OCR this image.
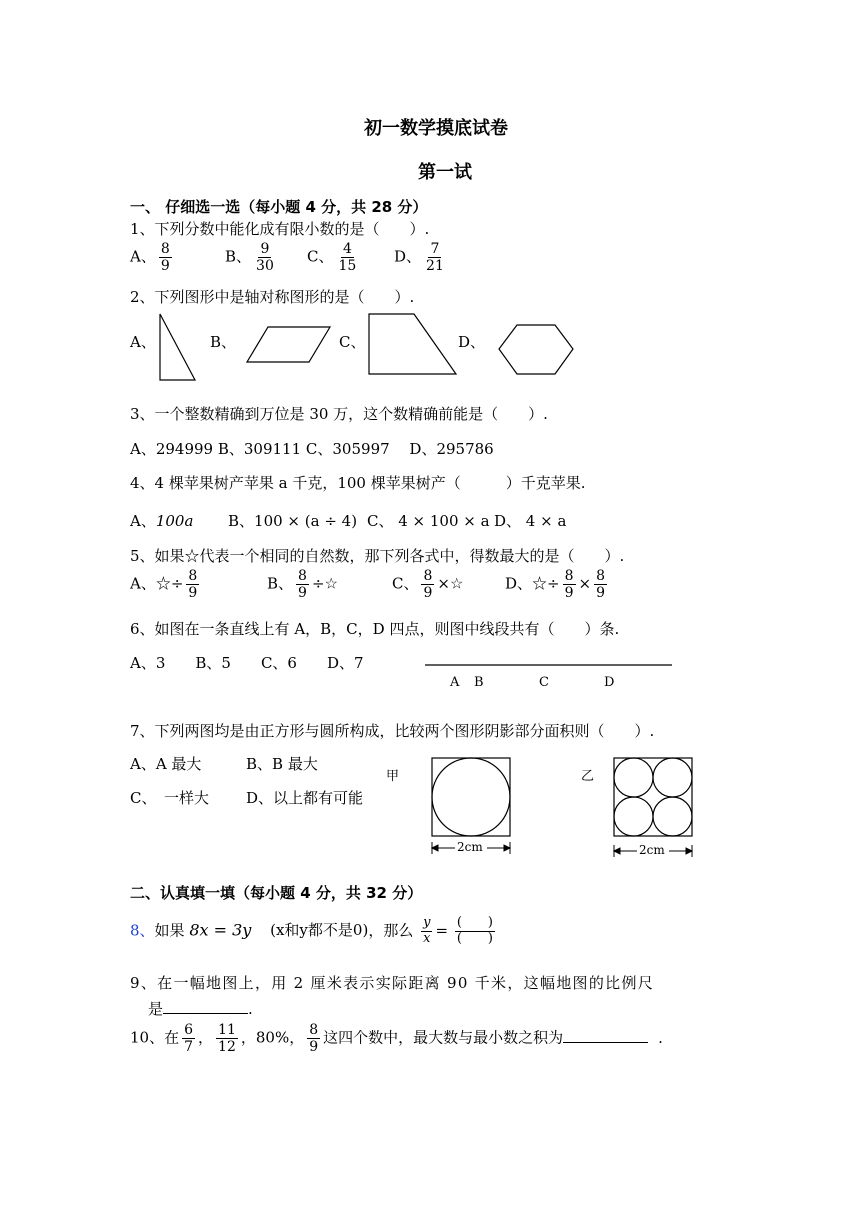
初一数学摸底试卷
第一试
一、 仔细选一选（每小题 4 分，共 28 分）
1、下列分数中能化成有限小数的是（　　）.
A、 $\frac{8}{9}$	B、 $\frac{9}{30}$ C、 $\frac{4}{15}$ D、 $\frac{7}{21}$
2、下列图形中是轴对称图形的是（　　）.
A、	B、	C、	D、
3、一个整数精确到万位是 30 万，这个数精确前能是（　　）.
A、294999 B、309111 C、305997　 D、295786
4、4 棵苹果树产苹果 a 千克，100 棵苹果树产（　　　）千克苹果.
A、100a B、100 × (a ÷ 4) C、 4 × 100 × a D、 4 × a
5、如果☆代表一个相同的自然数，那下列各式中，得数最大的是（　　）.
A、☆÷ $\frac{8}{9}$	B、 $\frac{8}{9}$ ÷☆	C、 $\frac{8}{9}$ ×☆	D、☆÷ $\frac{8}{9} \times \frac{8}{9}$
6、如图在一条直线上有 A，B，C，D 四点，则图中线段共有（　　）条.
A、3　　B、5　　C、6　　D、7
A B	C	D
7、下列两图均是由正方形与圆所构成，比较两个图形阴影部分面积则（　　）.
A、A 最大	B、B 最大
C、　一样大 D、以上都有可能
甲	乙
2cm	2cm
二、认真填一填（每小题 4 分，共 32 分）
8、如果 8x = 3y (x和y都不是0)，那么 $\frac{y}{x} = \frac{( )}{( )}$
9、在一幅地图上，用 2 厘米表示实际距离 90 千米，这幅地图的比例尺
是	.
10、在 $\frac{6}{7}$ ， $\frac{11}{12}$ ，80%， $\frac{8}{9}$ 这四个数中，最大数与最小数之积为	.
